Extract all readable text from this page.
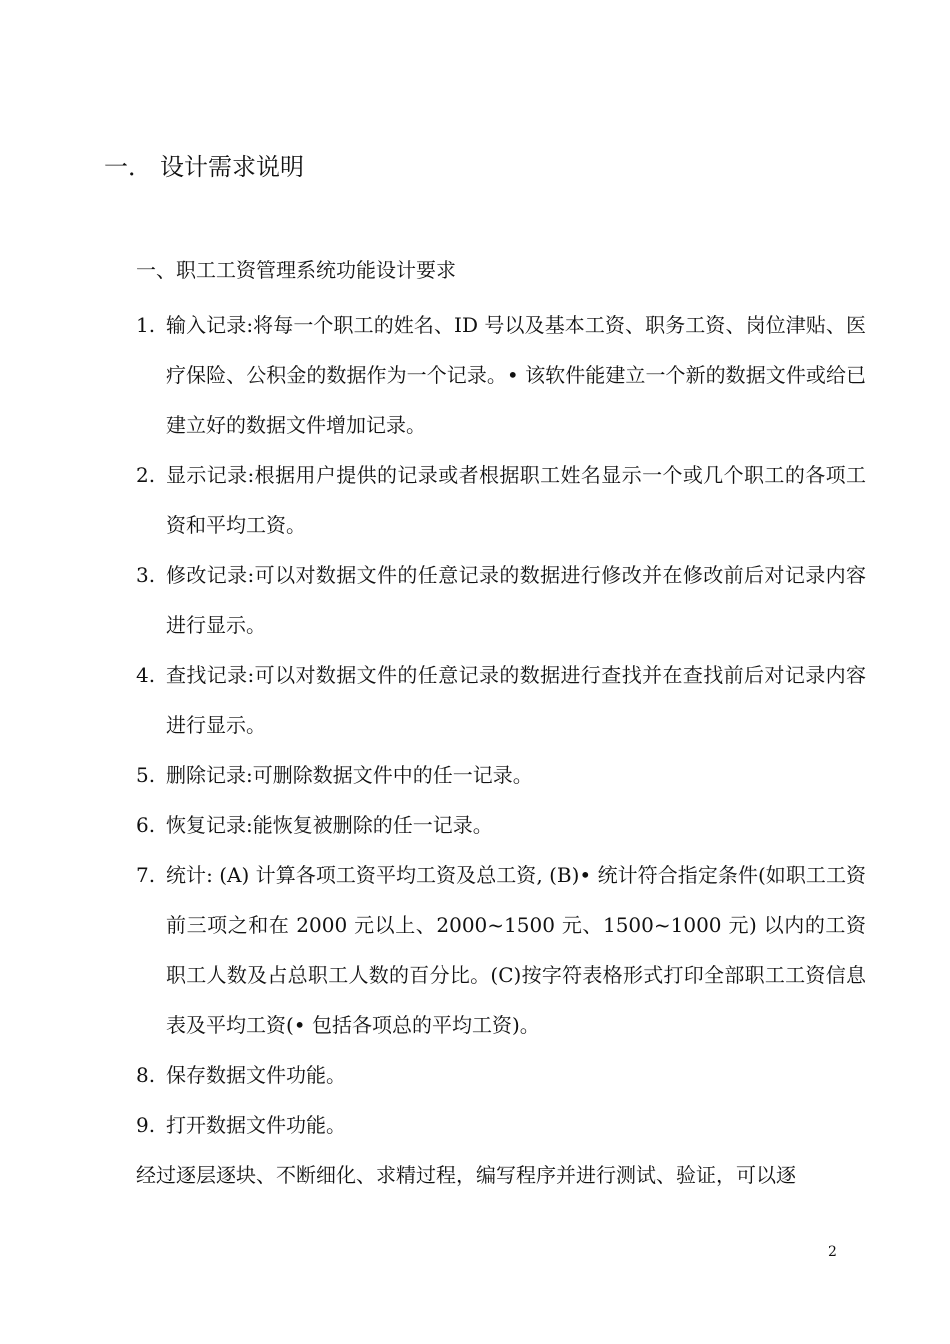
一． 设计需求说明
一、职工工资管理系统功能设计要求
1. 输入记录:将每一个职工的姓名、ID 号以及基本工资、职务工资、岗位津贴、医疗保险、公积金的数据作为一个记录。• 该软件能建立一个新的数据文件或给已建立好的数据文件增加记录。
2. 显示记录:根据用户提供的记录或者根据职工姓名显示一个或几个职工的各项工资和平均工资。
3. 修改记录:可以对数据文件的任意记录的数据进行修改并在修改前后对记录内容进行显示。
4. 查找记录:可以对数据文件的任意记录的数据进行查找并在查找前后对记录内容进行显示。
5. 删除记录:可删除数据文件中的任一记录。
6. 恢复记录:能恢复被删除的任一记录。
7. 统计: (A) 计算各项工资平均工资及总工资, (B)• 统计符合指定条件(如职工工资前三项之和在 2000 元以上、2000~1500 元、1500~1000 元) 以内的工资职工人数及占总职工人数的百分比。(C)按字符表格形式打印全部职工工资信息表及平均工资(• 包括各项总的平均工资)。
8. 保存数据文件功能。
9. 打开数据文件功能。
经过逐层逐块、不断细化、求精过程，编写程序并进行测试、验证，可以逐
2
